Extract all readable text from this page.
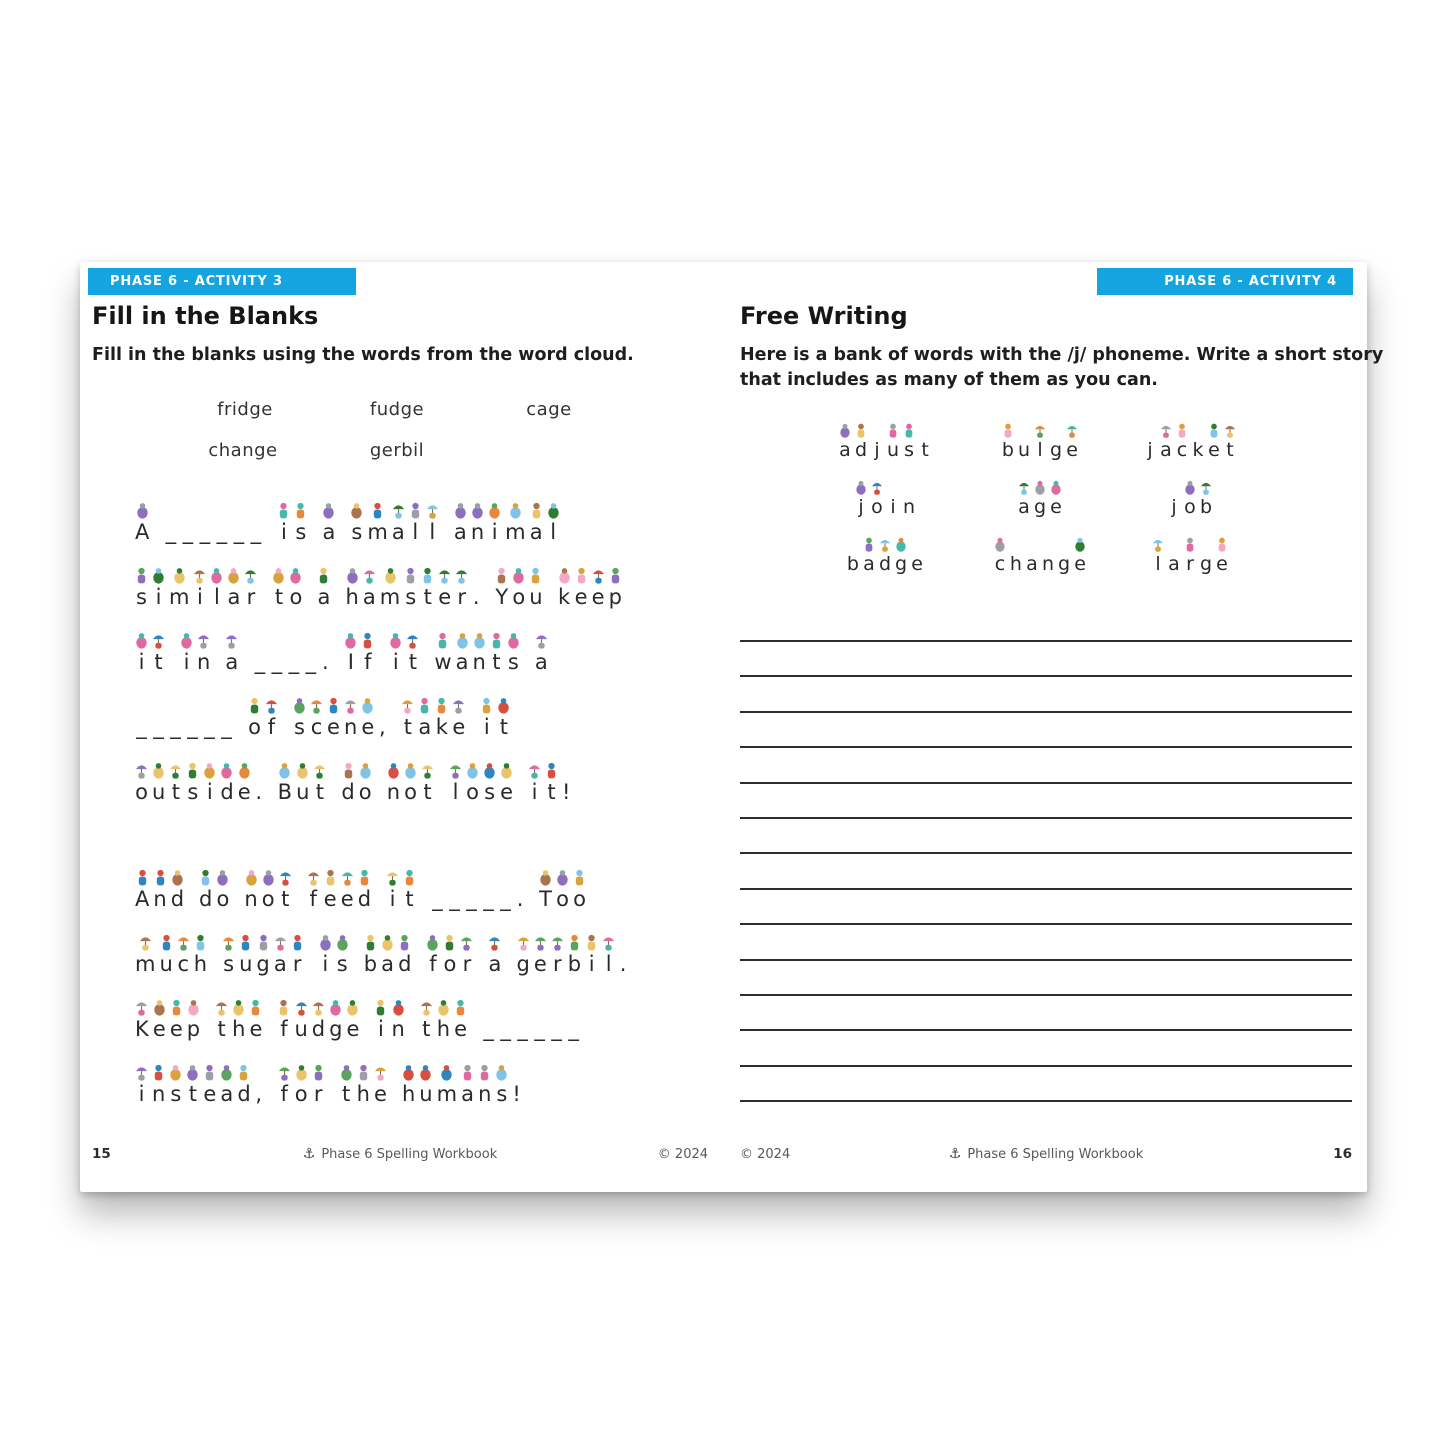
PHASE 6 - ACTIVITY 3	PHASE 6 - ACTIVITY 4
Fill in the Blanks
Fill in the blanks using the words from the word cloud.
fridge	fudge	cage
change	gerbil
A _ _ _ _ _ _ i s a s m a l l a n i m a l
s i m i l a r t o a h a m s t e r . Y o u k e e p
i t i n a _ _ _ _ . I f i t w a n t s a
_ _ _ _ _ _ o f s c e n e , t a k e i t
o u t s i d e . B u t d o n o t l o s e i t !
A n d d o n o t f e e d i t _ _ _ _ _ . T o o
m u c h s u g a r i s b a d f o r a g e r b i l .
K e e p t h e f u d g e i n t h e _ _ _ _ _ _
i n s t e a d , f o r t h e h u m a n s !
15	⚓ Phase 6 Spelling Workbook	© 2024
Free Writing
Here is a bank of words with the /j/ phoneme. Write a short story that includes as many of them as you can.
a d j u s t	b u l g e	j a c k e t
j o i n	a g e	j o b
b a d g e	c h a n g e	l a r g e
© 2024	⚓ Phase 6 Spelling Workbook	16
